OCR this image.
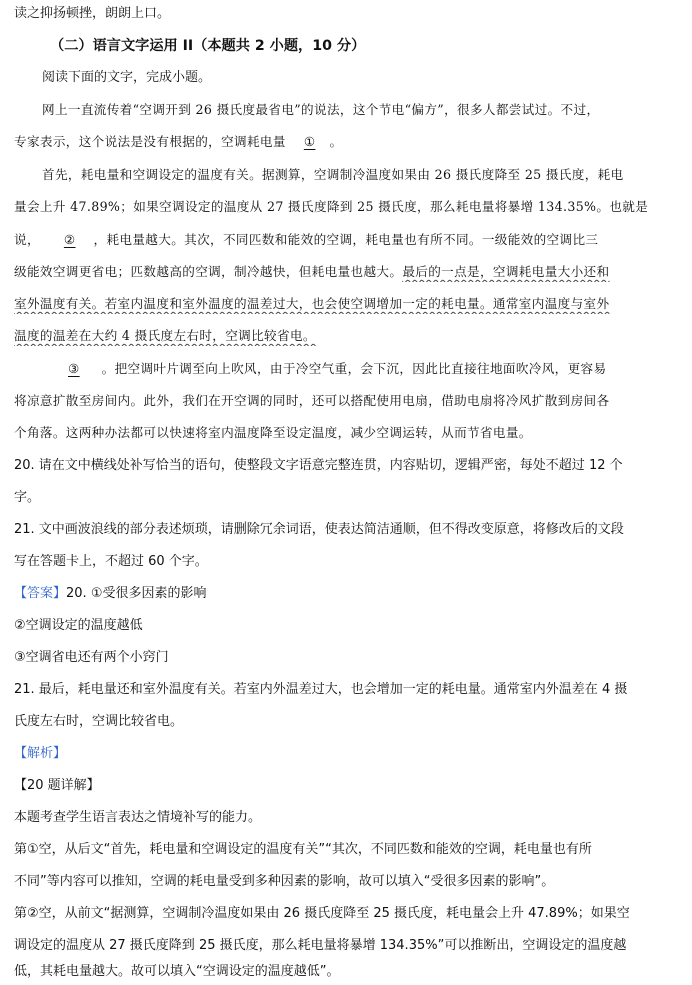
读之抑扬顿挫，朗朗上口。
（二）语言文字运用 II（本题共 2 小题，10 分）
阅读下面的文字，完成小题。
网上一直流传着“空调开到 26 摄氏度最省电”的说法，这个节电“偏方”，很多人都尝试过。不过，
专家表示，这个说法是没有根据的，空调耗电量 ① 。
首先，耗电量和空调设定的温度有关。据测算，空调制冷温度如果由 26 摄氏度降至 25 摄氏度，耗电
量会上升 47.89%；如果空调设定的温度从 27 摄氏度降到 25 摄氏度，那么耗电量将暴增 134.35%。也就是
说， ② ，耗电量越大。其次，不同匹数和能效的空调，耗电量也有所不同。一级能效的空调比三
级能效空调更省电；匹数越高的空调，制冷越快，但耗电量也越大。最后的一点是，空调耗电量大小还和
室外温度有关。若室内温度和室外温度的温差过大，也会使空调增加一定的耗电量。通常室内温度与室外
温度的温差在大约 4 摄氏度左右时，空调比较省电。
③ 。把空调叶片调至向上吹风，由于冷空气重，会下沉，因此比直接往地面吹冷风，更容易
将凉意扩散至房间内。此外，我们在开空调的同时，还可以搭配使用电扇，借助电扇将冷风扩散到房间各
个角落。这两种办法都可以快速将室内温度降至设定温度，减少空调运转，从而节省电量。
20. 请在文中横线处补写恰当的语句，使整段文字语意完整连贯，内容贴切，逻辑严密，每处不超过 12 个
字。
21. 文中画波浪线的部分表述烦琐，请删除冗余词语，使表达简洁通顺，但不得改变原意，将修改后的文段
写在答题卡上，不超过 60 个字。
【答案】20. ①受很多因素的影响
②空调设定的温度越低
③空调省电还有两个小窍门
21. 最后，耗电量还和室外温度有关。若室内外温差过大，也会增加一定的耗电量。通常室内外温差在 4 摄
氏度左右时，空调比较省电。
【解析】
【20 题详解】
本题考查学生语言表达之情境补写的能力。
第①空，从后文“首先，耗电量和空调设定的温度有关”“其次，不同匹数和能效的空调，耗电量也有所
不同”等内容可以推知，空调的耗电量受到多种因素的影响，故可以填入“受很多因素的影响”。
第②空，从前文“据测算，空调制冷温度如果由 26 摄氏度降至 25 摄氏度，耗电量会上升 47.89%；如果空
调设定的温度从 27 摄氏度降到 25 摄氏度，那么耗电量将暴增 134.35%”可以推断出，空调设定的温度越
低，其耗电量越大。故可以填入“空调设定的温度越低”。
